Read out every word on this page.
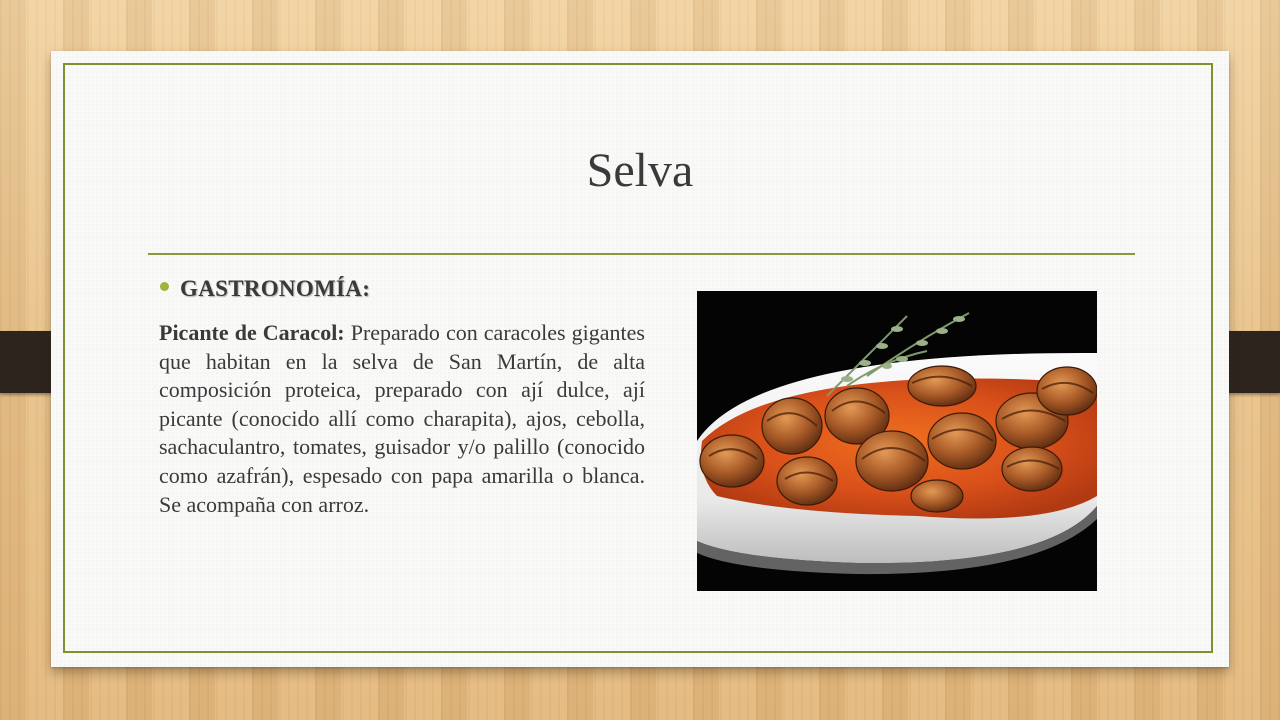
Selva
GASTRONOMÍA:

Picante de Caracol: Preparado con caracoles gigantes que habitan en la selva de San Martín, de alta composición proteica, preparado con ají dulce, ají picante (conocido allí como charapita), ajos, cebolla, sachaculantro, tomates, guisador y/o palillo (conocido como azafrán), espesado con papa amarilla o blanca. Se acompaña con arroz.
